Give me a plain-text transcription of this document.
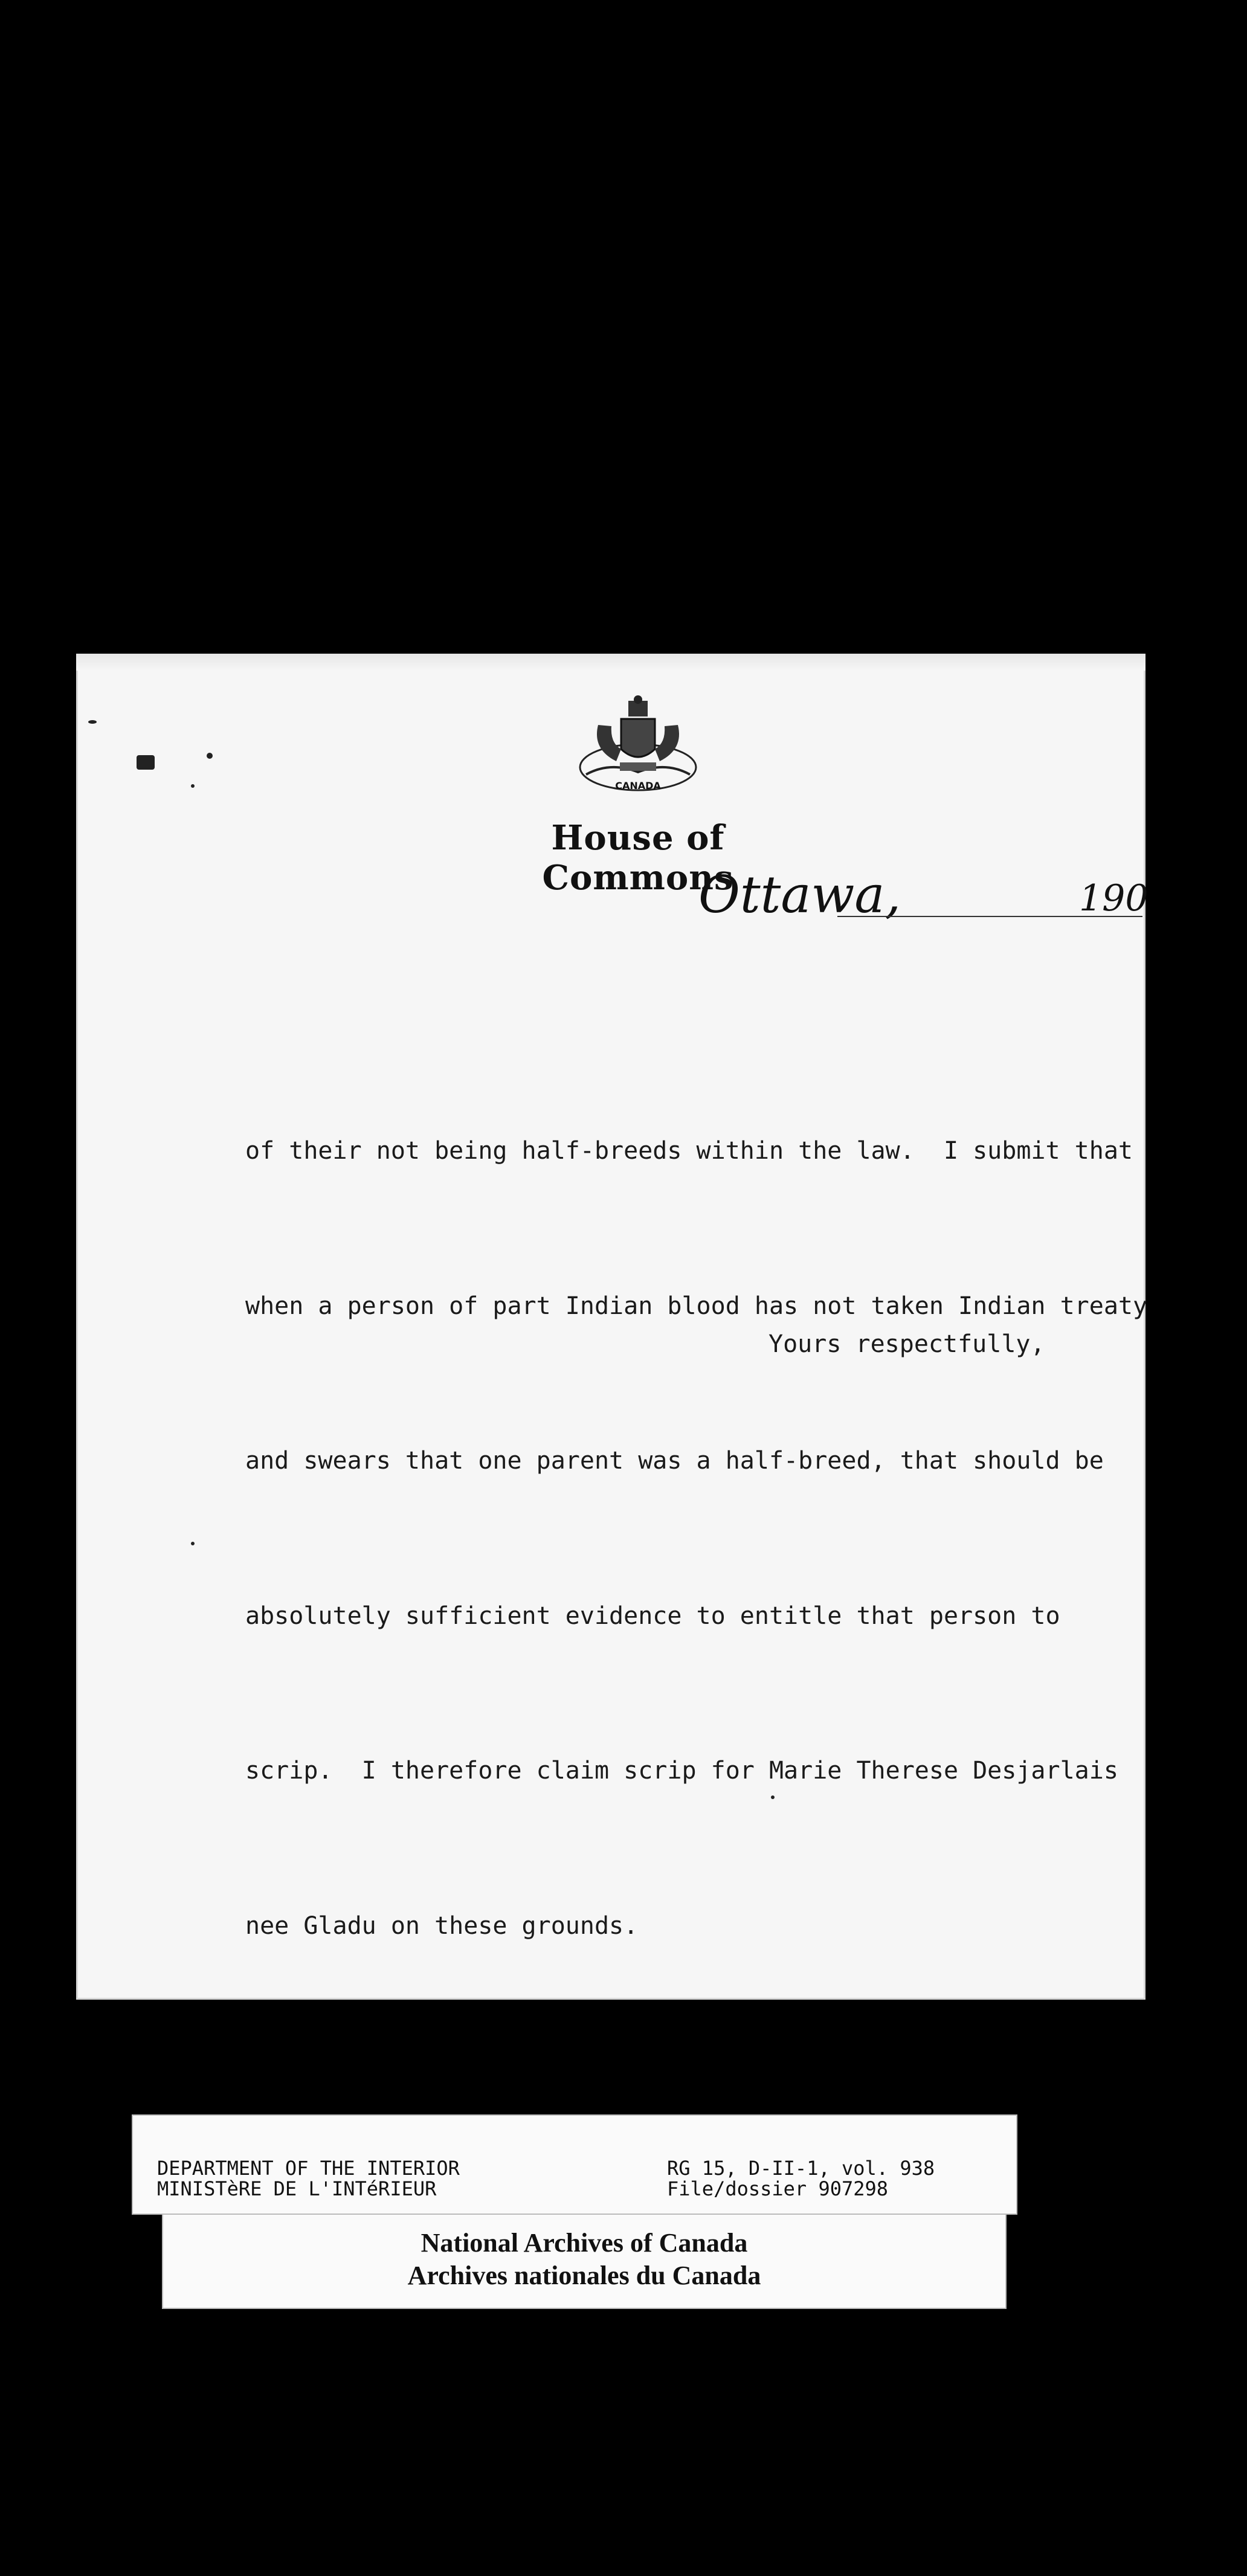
CANADA
House of Commons
Ottawa,	190

of their not being half-breeds within the law.  I submit that

when a person of part Indian blood has not taken Indian treaty

and swears that one parent was a half-breed, that should be

absolutely sufficient evidence to entitle that person to

scrip.  I therefore claim scrip for Marie Therese Desjarlais

nee Gladu on these grounds.

Yours respectfully,
DEPARTMENT OF THE INTERIOR
MINISTèRE DE L'INTéRIEUR
RG 15, D-II-1, vol. 938
File/dossier 907298
National Archives of Canada
Archives nationales du Canada
